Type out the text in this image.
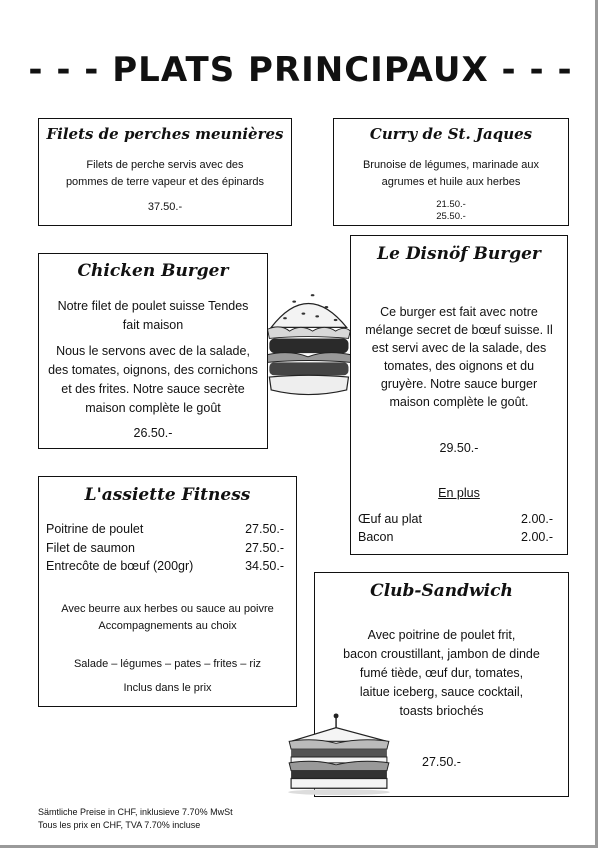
- - - PLATS PRINCIPAUX - - -
Filets de perches meunières
Filets de perche servis avec des
pommes de terre vapeur et des épinards
37.50.-
Curry de St. Jaques
Brunoise de légumes, marinade aux
agrumes et huile aux herbes
21.50.-
25.50.-
Chicken Burger
Notre filet de poulet suisse Tendes
fait maison
Nous le servons avec de la salade,
des tomates, oignons, des cornichons
et des frites. Notre sauce secrète
maison complète le goût
26.50.-
Le Disnöf Burger
Ce burger est fait avec notre
mélange secret de bœuf suisse. Il
est servi avec de la salade, des
tomates, des oignons et du
gruyère. Notre sauce burger
maison complète le goût.
29.50.-
En plus
Œuf au plat	2.00.-
Bacon	2.00.-
L'assiette Fitness
Poitrine de poulet	27.50.-
Filet de saumon	27.50.-
Entrecôte de bœuf (200gr)	34.50.-
Avec beurre aux herbes ou sauce au poivre
Accompagnements au choix
Salade – légumes – pates – frites – riz
Inclus dans le prix
Club-Sandwich
Avec poitrine de poulet frit,
bacon croustillant, jambon de dinde
fumé tiède, œuf dur, tomates,
laitue iceberg, sauce cocktail,
toasts briochés
27.50.-
Sämtliche Preise in CHF, inklusieve 7.70% MwSt
Tous les prix en CHF, TVA 7.70% incluse
